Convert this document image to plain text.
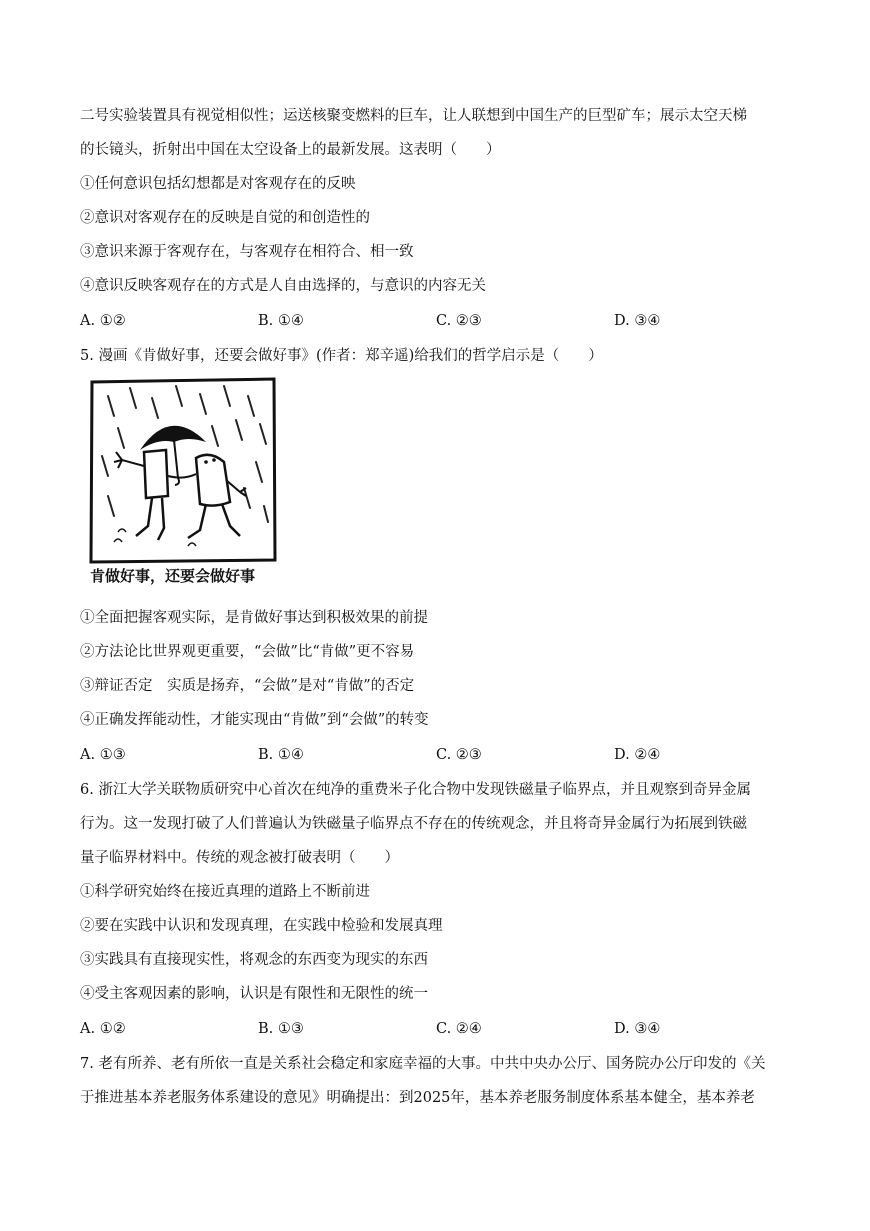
二号实验装置具有视觉相似性；运送核聚变燃料的巨车，让人联想到中国生产的巨型矿车；展示太空天梯
的长镜头，折射出中国在太空设备上的最新发展。这表明（　　）
①任何意识包括幻想都是对客观存在的反映
②意识对客观存在的反映是自觉的和创造性的
③意识来源于客观存在，与客观存在相符合、相一致
④意识反映客观存在的方式是人自由选择的，与意识的内容无关
A. ①②	B. ①④	C. ②③	D. ③④
5. 漫画《肯做好事，还要会做好事》(作者：郑辛遥)给我们的哲学启示是（　　）
肯做好事，还要会做好事
①全面把握客观实际，是肯做好事达到积极效果的前提
②方法论比世界观更重要，“会做”比“肯做”更不容易
③辩证否定　实质是扬弃，“会做”是对“肯做”的否定
④正确发挥能动性，才能实现由“肯做”到“会做”的转变
A. ①③	B. ①④	C. ②③	D. ②④
6. 浙江大学关联物质研究中心首次在纯净的重费米子化合物中发现铁磁量子临界点，并且观察到奇异金属
行为。这一发现打破了人们普遍认为铁磁量子临界点不存在的传统观念，并且将奇异金属行为拓展到铁磁
量子临界材料中。传统的观念被打破表明（　　）
①科学研究始终在接近真理的道路上不断前进
②要在实践中认识和发现真理，在实践中检验和发展真理
③实践具有直接现实性，将观念的东西变为现实的东西
④受主客观因素的影响，认识是有限性和无限性的统一
A. ①②	B. ①③	C. ②④	D. ③④
7. 老有所养、老有所依一直是关系社会稳定和家庭幸福的大事。中共中央办公厅、国务院办公厅印发的《关
于推进基本养老服务体系建设的意见》明确提出：到2025年，基本养老服务制度体系基本健全，基本养老
